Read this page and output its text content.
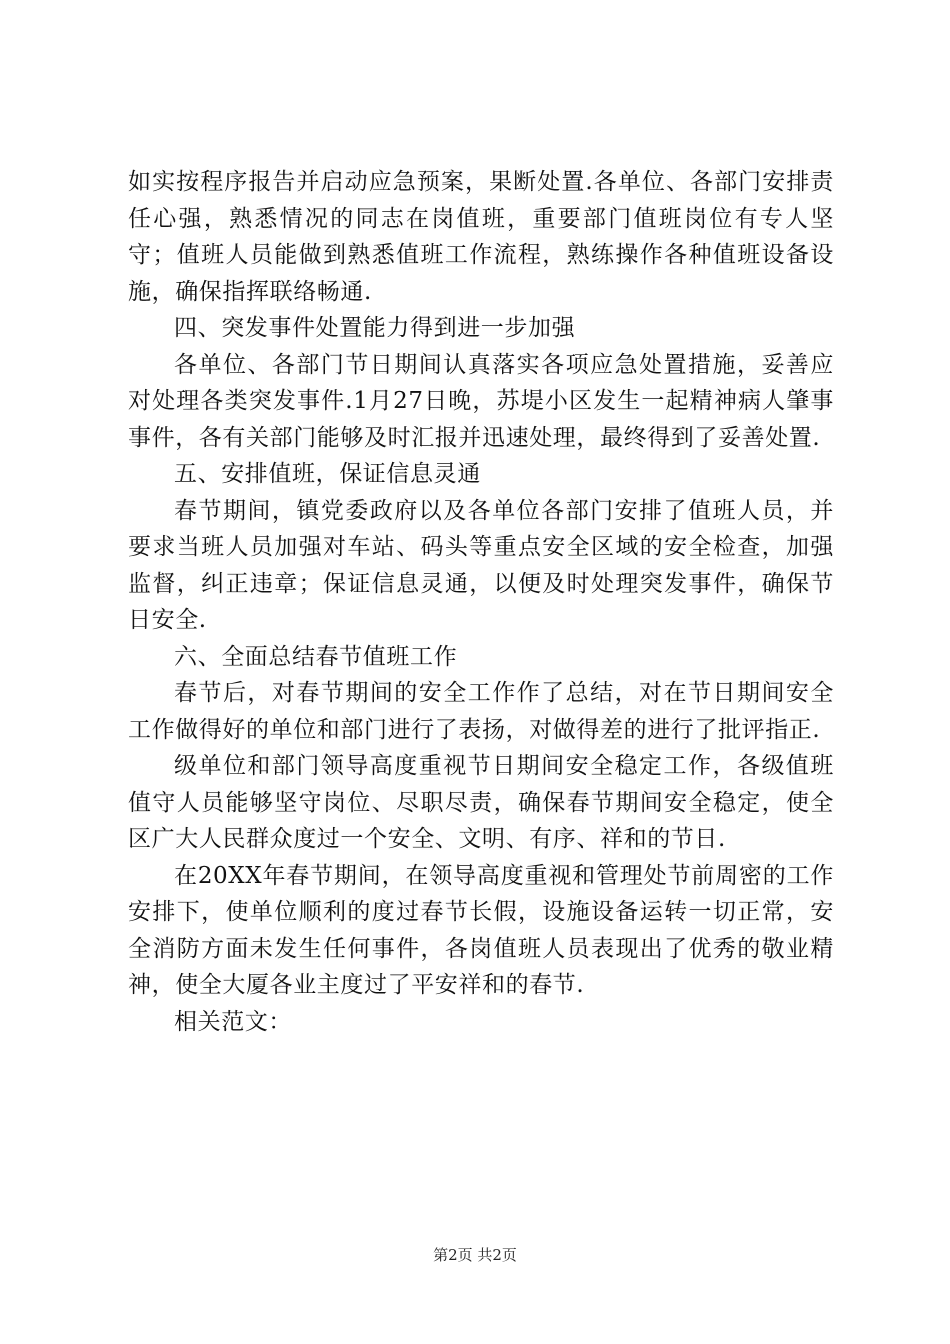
如实按程序报告并启动应急预案，果断处置.各单位、各部门安排责任心强，熟悉情况的同志在岗值班，重要部门值班岗位有专人坚守；值班人员能做到熟悉值班工作流程，熟练操作各种值班设备设施，确保指挥联络畅通.

四、突发事件处置能力得到进一步加强

各单位、各部门节日期间认真落实各项应急处置措施，妥善应对处理各类突发事件.1月27日晚，苏堤小区发生一起精神病人肇事事件，各有关部门能够及时汇报并迅速处理，最终得到了妥善处置.

五、安排值班，保证信息灵通

春节期间，镇党委政府以及各单位各部门安排了值班人员，并要求当班人员加强对车站、码头等重点安全区域的安全检查，加强监督，纠正违章；保证信息灵通，以便及时处理突发事件，确保节日安全.

六、全面总结春节值班工作

春节后，对春节期间的安全工作作了总结，对在节日期间安全工作做得好的单位和部门进行了表扬，对做得差的进行了批评指正.

级单位和部门领导高度重视节日期间安全稳定工作，各级值班值守人员能够坚守岗位、尽职尽责，确保春节期间安全稳定，使全区广大人民群众度过一个安全、文明、有序、祥和的节日.

在20XX年春节期间，在领导高度重视和管理处节前周密的工作安排下，使单位顺利的度过春节长假，设施设备运转一切正常，安全消防方面未发生任何事件，各岗值班人员表现出了优秀的敬业精神，使全大厦各业主度过了平安祥和的春节.

相关范文：

第2页 共2页
